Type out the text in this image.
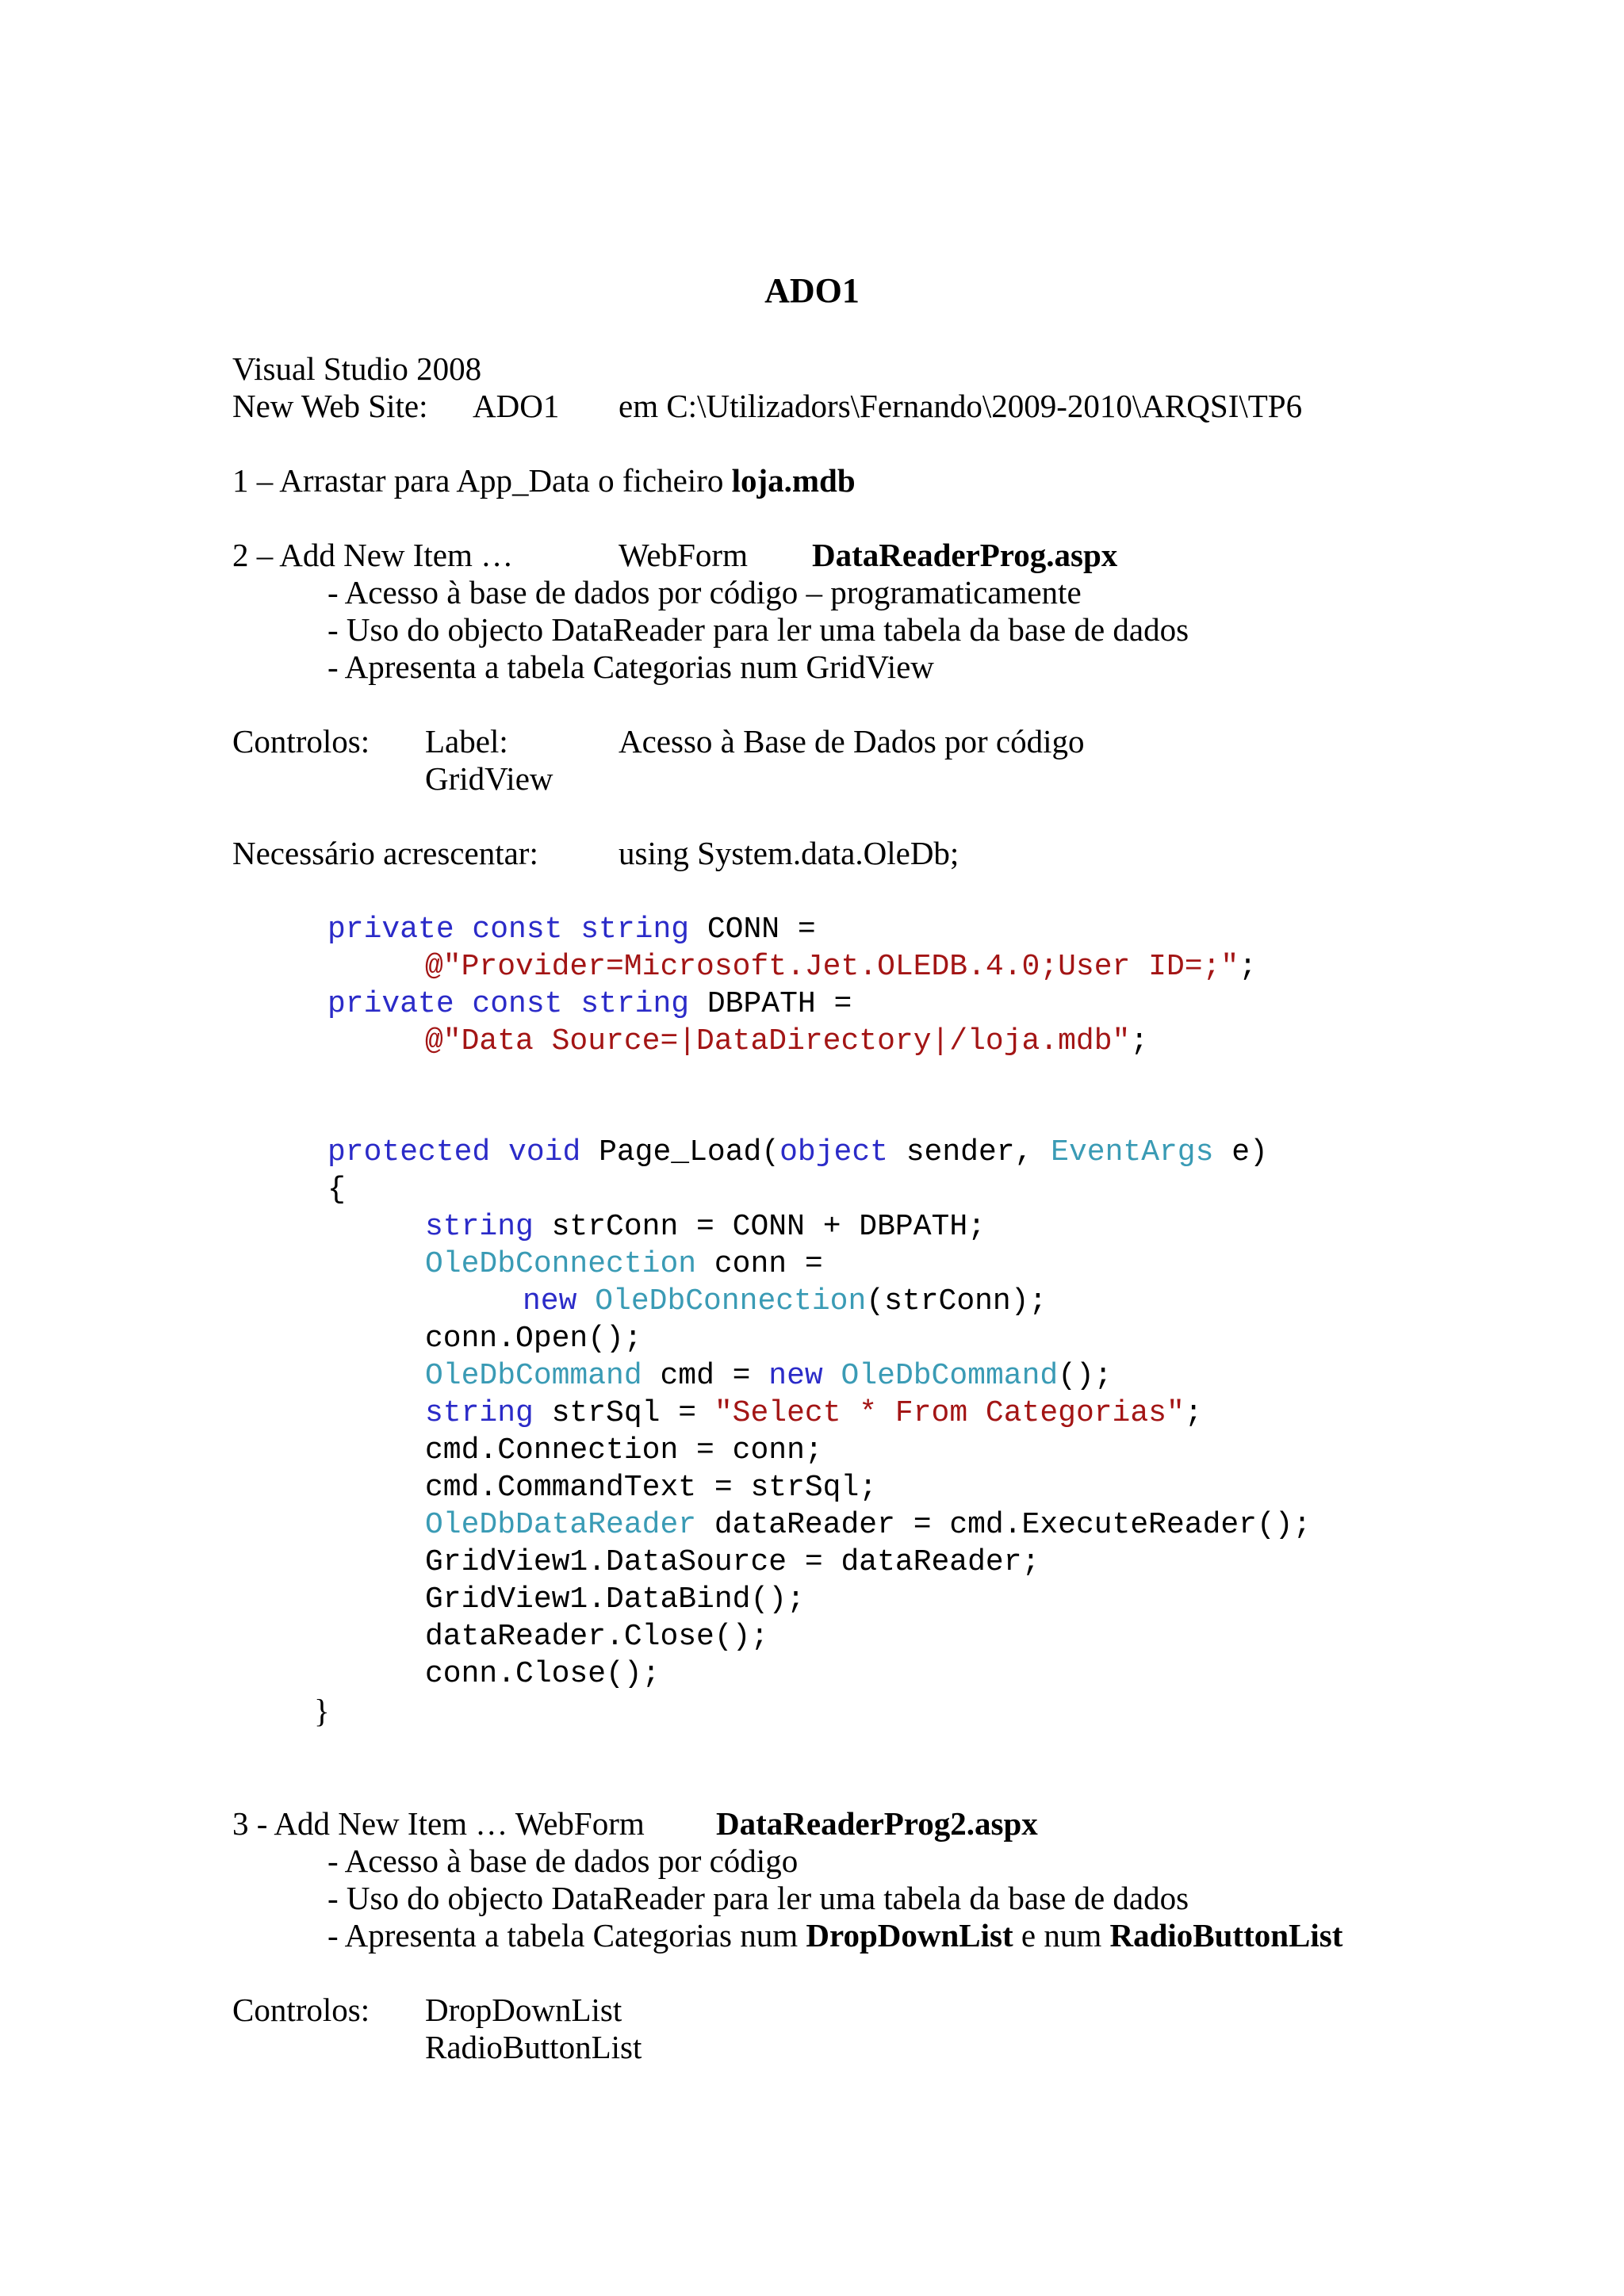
ADO1
Visual Studio 2008
New Web Site: ADO1 em C:\Utilizadors\Fernando\2009-2010\ARQSI\TP6
1 – Arrastar para App_Data o ficheiro loja.mdb
2 – Add New Item …	WebForm DataReaderProg.aspx
- Acesso à base de dados por código – programaticamente
- Uso do objecto DataReader para ler uma tabela da base de dados
- Apresenta a tabela Categorias num GridView
Controlos: Label:	Acesso à Base de Dados por código
GridView
Necessário acrescentar: using System.data.OleDb;
private const string CONN =
@"Provider=Microsoft.Jet.OLEDB.4.0;User ID=;";
private const string DBPATH =
@"Data Source=|DataDirectory|/loja.mdb";
protected void Page_Load(object sender, EventArgs e)
{
string strConn = CONN + DBPATH;
OleDbConnection conn =
new OleDbConnection(strConn);
conn.Open();
OleDbCommand cmd = new OleDbCommand();
string strSql = "Select * From Categorias";
cmd.Connection = conn;
cmd.CommandText = strSql;
OleDbDataReader dataReader = cmd.ExecuteReader();
GridView1.DataSource = dataReader;
GridView1.DataBind();
dataReader.Close();
conn.Close();
}
3 - Add New Item … WebForm DataReaderProg2.aspx
- Acesso à base de dados por código
- Uso do objecto DataReader para ler uma tabela da base de dados
- Apresenta a tabela Categorias num DropDownList e num RadioButtonList
Controlos: DropDownList
RadioButtonList
